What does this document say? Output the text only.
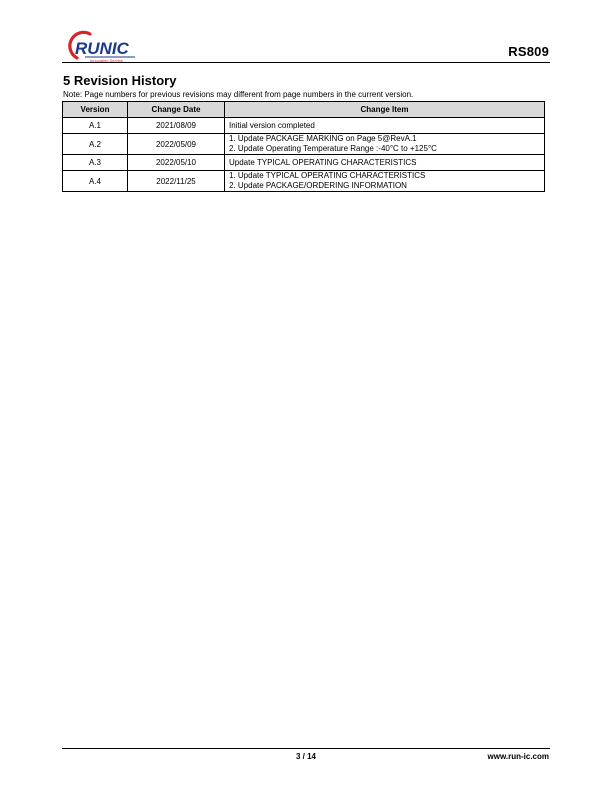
RUNIC
Innovation Service
RS809
5 Revision History
Note: Page numbers for previous revisions may different from page numbers in the current version.
Version	Change Date	Change Item
A.1	2021/08/09	Initial version completed

A.2	2022/05/09	1. Update PACKAGE MARKING on Page 5@RevA.1
2. Update Operating Temperature Range :-40°C to +125°C

A.3	2022/05/10	Update TYPICAL OPERATING CHARACTERISTICS

A.4	2022/11/25	1. Update TYPICAL OPERATING CHARACTERISTICS
2. Update PACKAGE/ORDERING INFORMATION
3 / 14	www.run-ic.com
